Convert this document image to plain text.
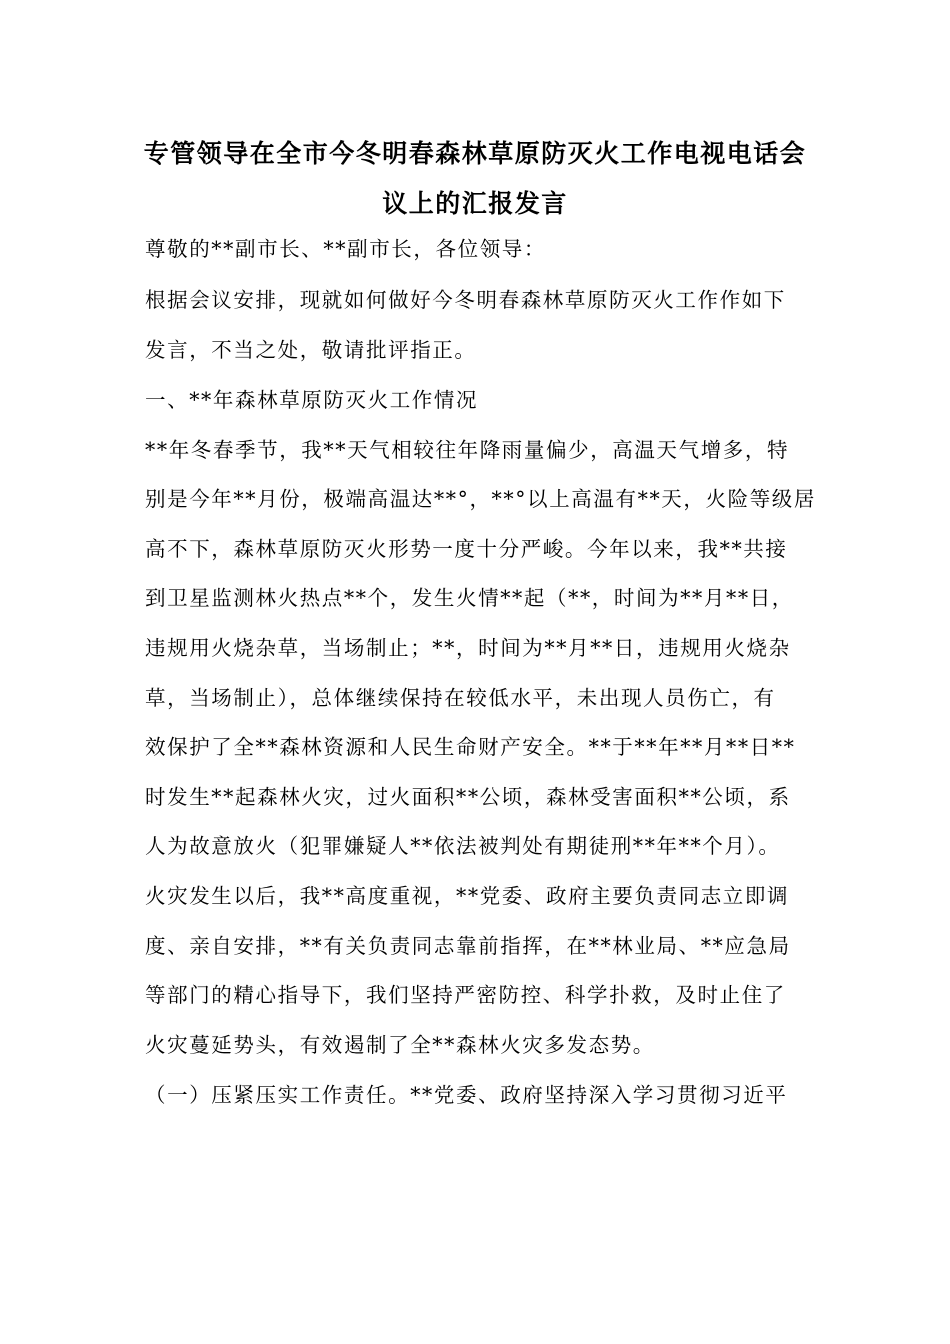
专管领导在全市今冬明春森林草原防灭火工作电视电话会
议上的汇报发言
尊敬的**副市长、**副市长，各位领导：
根据会议安排，现就如何做好今冬明春森林草原防灭火工作作如下
发言，不当之处，敬请批评指正。
一、**年森林草原防灭火工作情况
**年冬春季节，我**天气相较往年降雨量偏少，高温天气增多，特
别是今年**月份，极端高温达**°，**°以上高温有**天，火险等级居
高不下，森林草原防灭火形势一度十分严峻。今年以来，我**共接
到卫星监测林火热点**个，发生火情**起（**，时间为**月**日，
违规用火烧杂草，当场制止；**，时间为**月**日，违规用火烧杂
草，当场制止），总体继续保持在较低水平，未出现人员伤亡，有
效保护了全**森林资源和人民生命财产安全。**于**年**月**日**
时发生**起森林火灾，过火面积**公顷，森林受害面积**公顷，系
人为故意放火（犯罪嫌疑人**依法被判处有期徒刑**年**个月）。
火灾发生以后，我**高度重视，**党委、政府主要负责同志立即调
度、亲自安排，**有关负责同志靠前指挥，在**林业局、**应急局
等部门的精心指导下，我们坚持严密防控、科学扑救，及时止住了
火灾蔓延势头，有效遏制了全**森林火灾多发态势。
（一）压紧压实工作责任。**党委、政府坚持深入学习贯彻习近平
